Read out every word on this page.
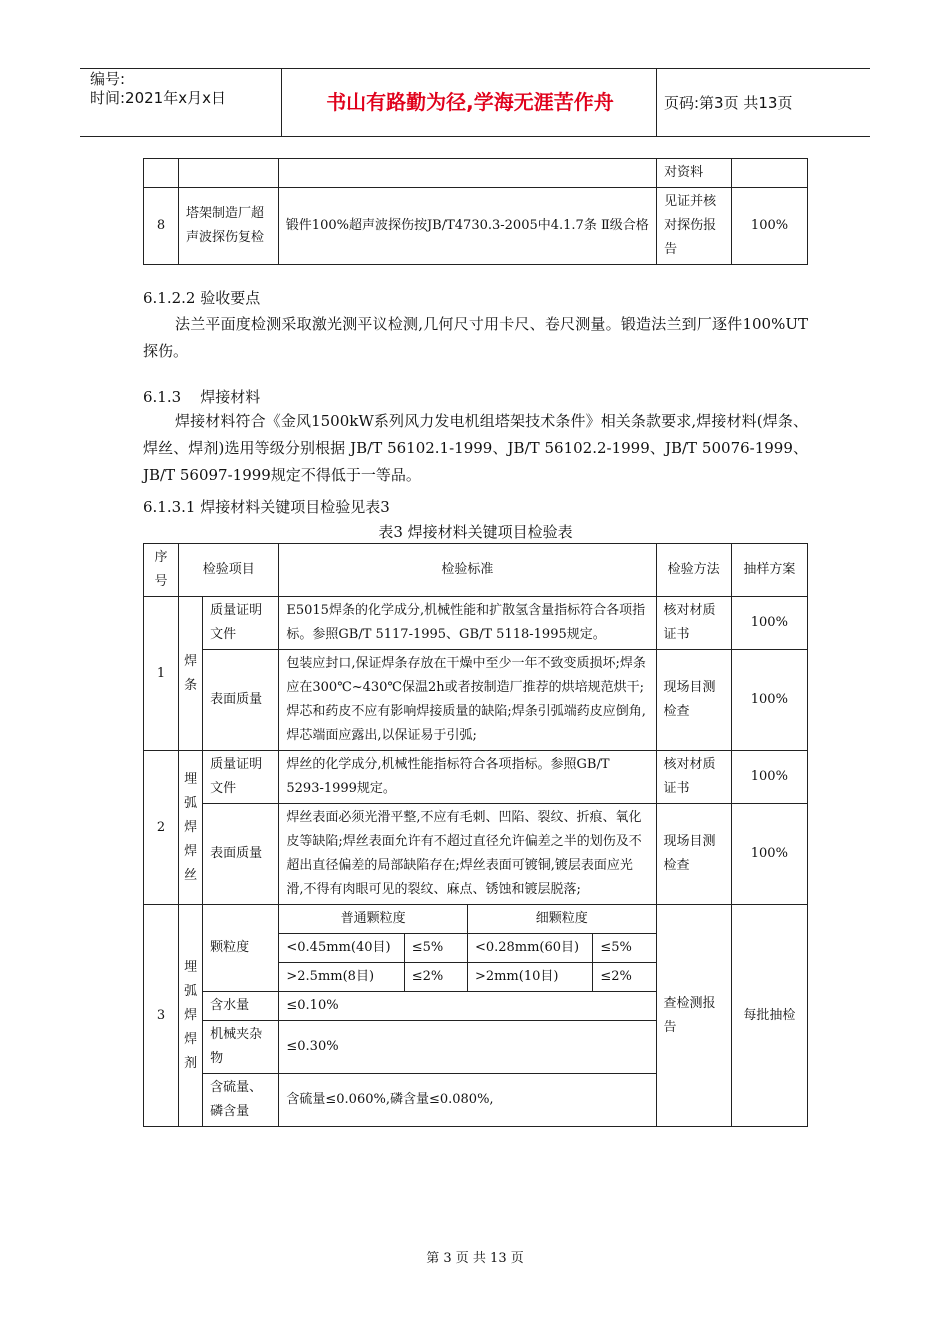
编号:
时间:2021年x月x日	书山有路勤为径,学海无涯苦作舟	页码:第3页 共13页
			对资料	
8	塔架制造厂超声波探伤复检	锻件100%超声波探伤按JB/T4730.3-2005中4.1.7条 Ⅱ级合格	见证并核对探伤报告	100%
6.1.2.2 验收要点
法兰平面度检测采取激光测平议检测,几何尺寸用卡尺、卷尺测量。锻造法兰到厂逐件100%UT探伤。
6.1.3    焊接材料
焊接材料符合《金风1500kW系列风力发电机组塔架技术条件》相关条款要求,焊接材料(焊条、焊丝、焊剂)选用等级分别根据 JB/T 56102.1-1999、JB/T 56102.2-1999、JB/T 50076-1999、JB/T 56097-1999规定不得低于一等品。
6.1.3.1 焊接材料关键项目检验见表3
表3 焊接材料关键项目检验表
序号	检验项目		检验标准				检验方法	抽样方案
1	焊条	质量证明文件	E5015焊条的化学成分,机械性能和扩散氢含量指标符合各项指标。参照GB/T 5117-1995、GB/T 5118-1995规定。				核对材质证书	100%
		表面质量	包装应封口,保证焊条存放在干燥中至少一年不致变质损坏;焊条应在300℃~430℃保温2h或者按制造厂推荐的烘培规范烘干;焊芯和药皮不应有影响焊接质量的缺陷;焊条引弧端药皮应倒角,焊芯端面应露出,以保证易于引弧;				现场目测检查	100%
2	埋弧焊焊丝	质量证明文件	焊丝的化学成分,机械性能指标符合各项指标。参照GB/T 5293-1999规定。				核对材质证书	100%
		表面质量	焊丝表面必须光滑平整,不应有毛刺、凹陷、裂纹、折痕、氧化皮等缺陷;焊丝表面允许有不超过直径允许偏差之半的划伤及不超出直径偏差的局部缺陷存在;焊丝表面可镀铜,镀层表面应光滑,不得有肉眼可见的裂纹、麻点、锈蚀和镀层脱落;				现场目测检查	100%
3	埋弧焊焊剂	颗粒度	普通颗粒度		细颗粒度		查检测报告	每批抽检
			<0.45mm(40目)	≤5%	<0.28mm(60目)	≤5%		
			>2.5mm(8目)	≤2%	>2mm(10目)	≤2%		
		含水量	≤0.10%					
		机械夹杂物	≤0.30%					
		含硫量、磷含量	含硫量≤0.060%,磷含量≤0.080%,					
第 3 页 共 13 页
